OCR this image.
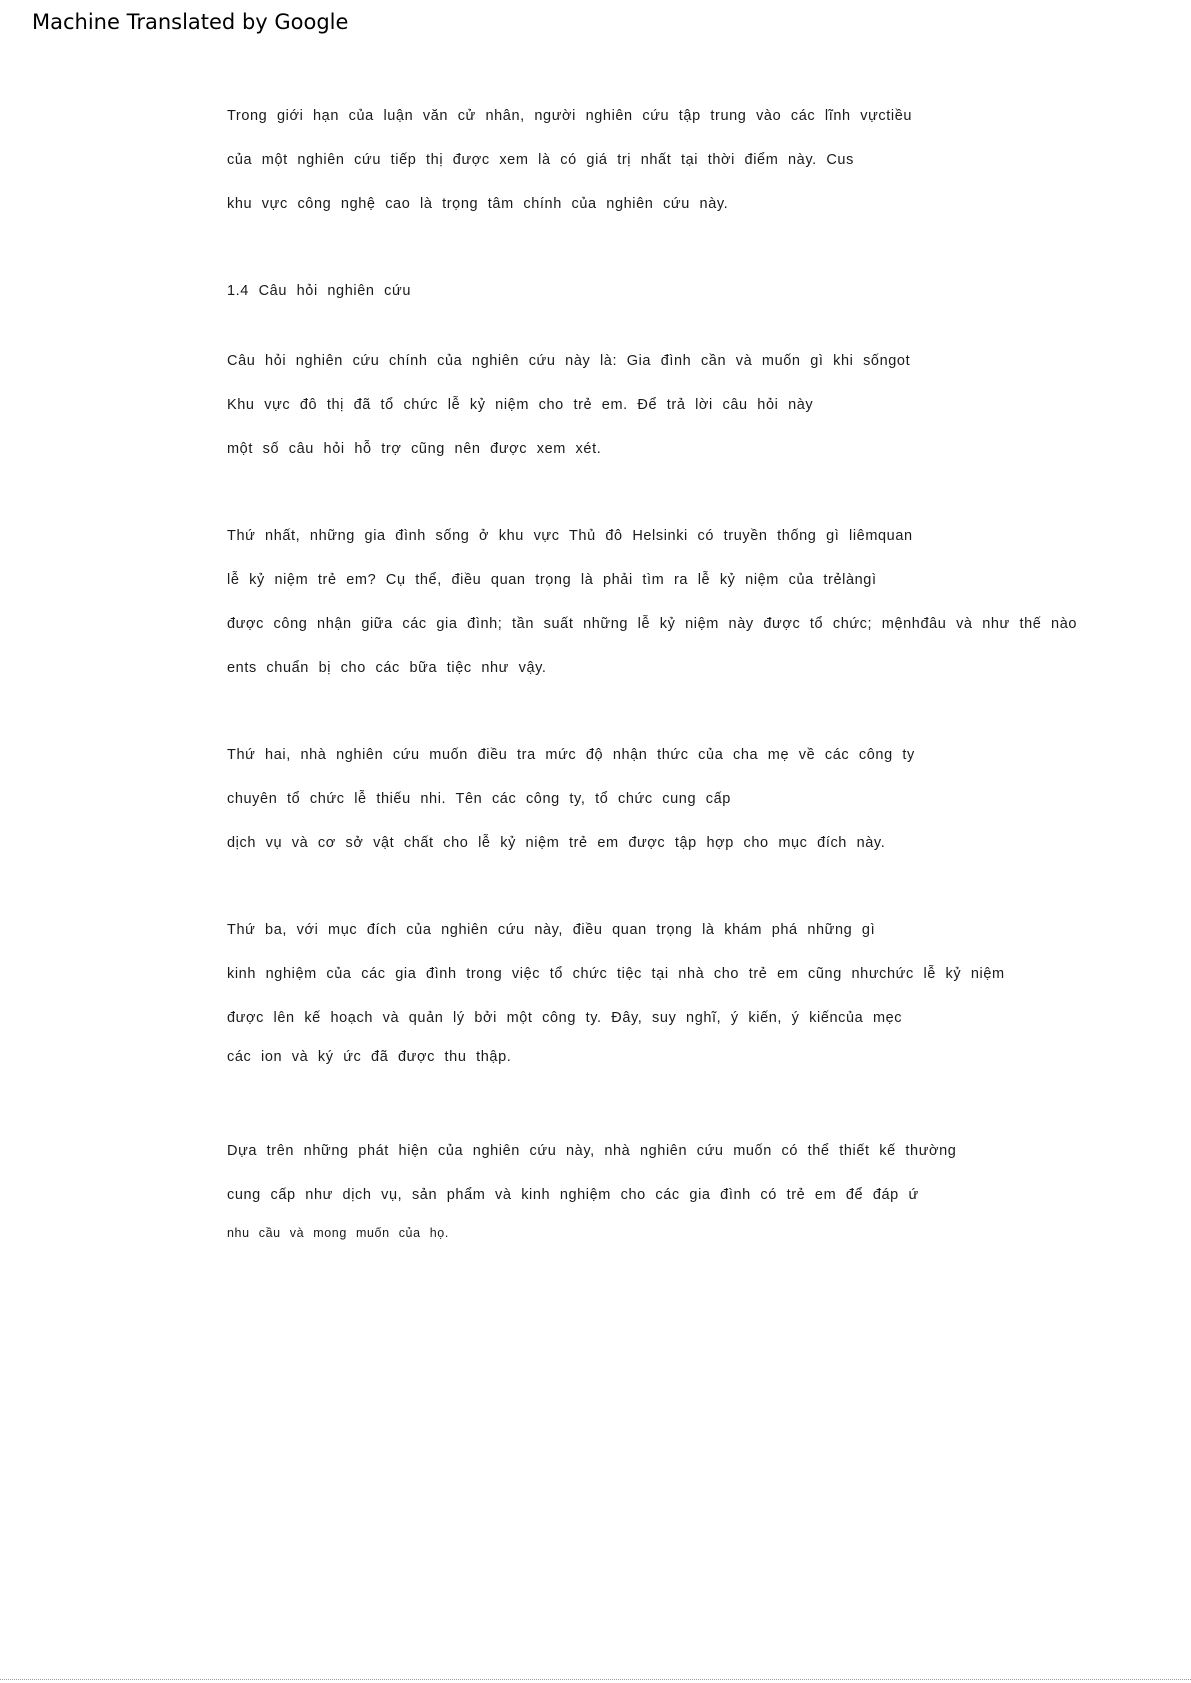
Machine Translated by Google
Trong giới hạn của luận văn cử nhân, người nghiên cứu tập trung vào các lĩnh vựctiều
của một nghiên cứu tiếp thị được xem là có giá trị nhất tại thời điểm này. Cus
khu vực công nghệ cao là trọng tâm chính của nghiên cứu này.
1.4 Câu hỏi nghiên cứu
Câu hỏi nghiên cứu chính của nghiên cứu này là: Gia đình cần và muốn gì khi sốngot
Khu vực đô thị đã tổ chức lễ kỷ niệm cho trẻ em. Để trả lời câu hỏi này
một số câu hỏi hỗ trợ cũng nên được xem xét.
Thứ nhất, những gia đình sống ở khu vực Thủ đô Helsinki có truyền thống gì liêmquan
lễ kỷ niệm trẻ em? Cụ thể, điều quan trọng là phải tìm ra lễ kỷ niệm của trẻlàngì
được công nhận giữa các gia đình; tần suất những lễ kỷ niệm này được tổ chức; mệnhđâu và như thế nào
ents chuẩn bị cho các bữa tiệc như vậy.
Thứ hai, nhà nghiên cứu muốn điều tra mức độ nhận thức của cha mẹ về các công ty
chuyên tổ chức lễ thiếu nhi. Tên các công ty, tổ chức cung cấp
dịch vụ và cơ sở vật chất cho lễ kỷ niệm trẻ em được tập hợp cho mục đích này.
Thứ ba, với mục đích của nghiên cứu này, điều quan trọng là khám phá những gì
kinh nghiệm của các gia đình trong việc tổ chức tiệc tại nhà cho trẻ em cũng nhưchức lễ kỷ niệm
được lên kế hoạch và quản lý bởi một công ty. Đây, suy nghĩ, ý kiến, ý kiếncủa mẹc
các ion và ký ức đã được thu thập.
Dựa trên những phát hiện của nghiên cứu này, nhà nghiên cứu muốn có thể thiết kế thường
cung cấp như dịch vụ, sản phẩm và kinh nghiệm cho các gia đình có trẻ em để đáp ứ
nhu cầu và mong muốn của họ.
